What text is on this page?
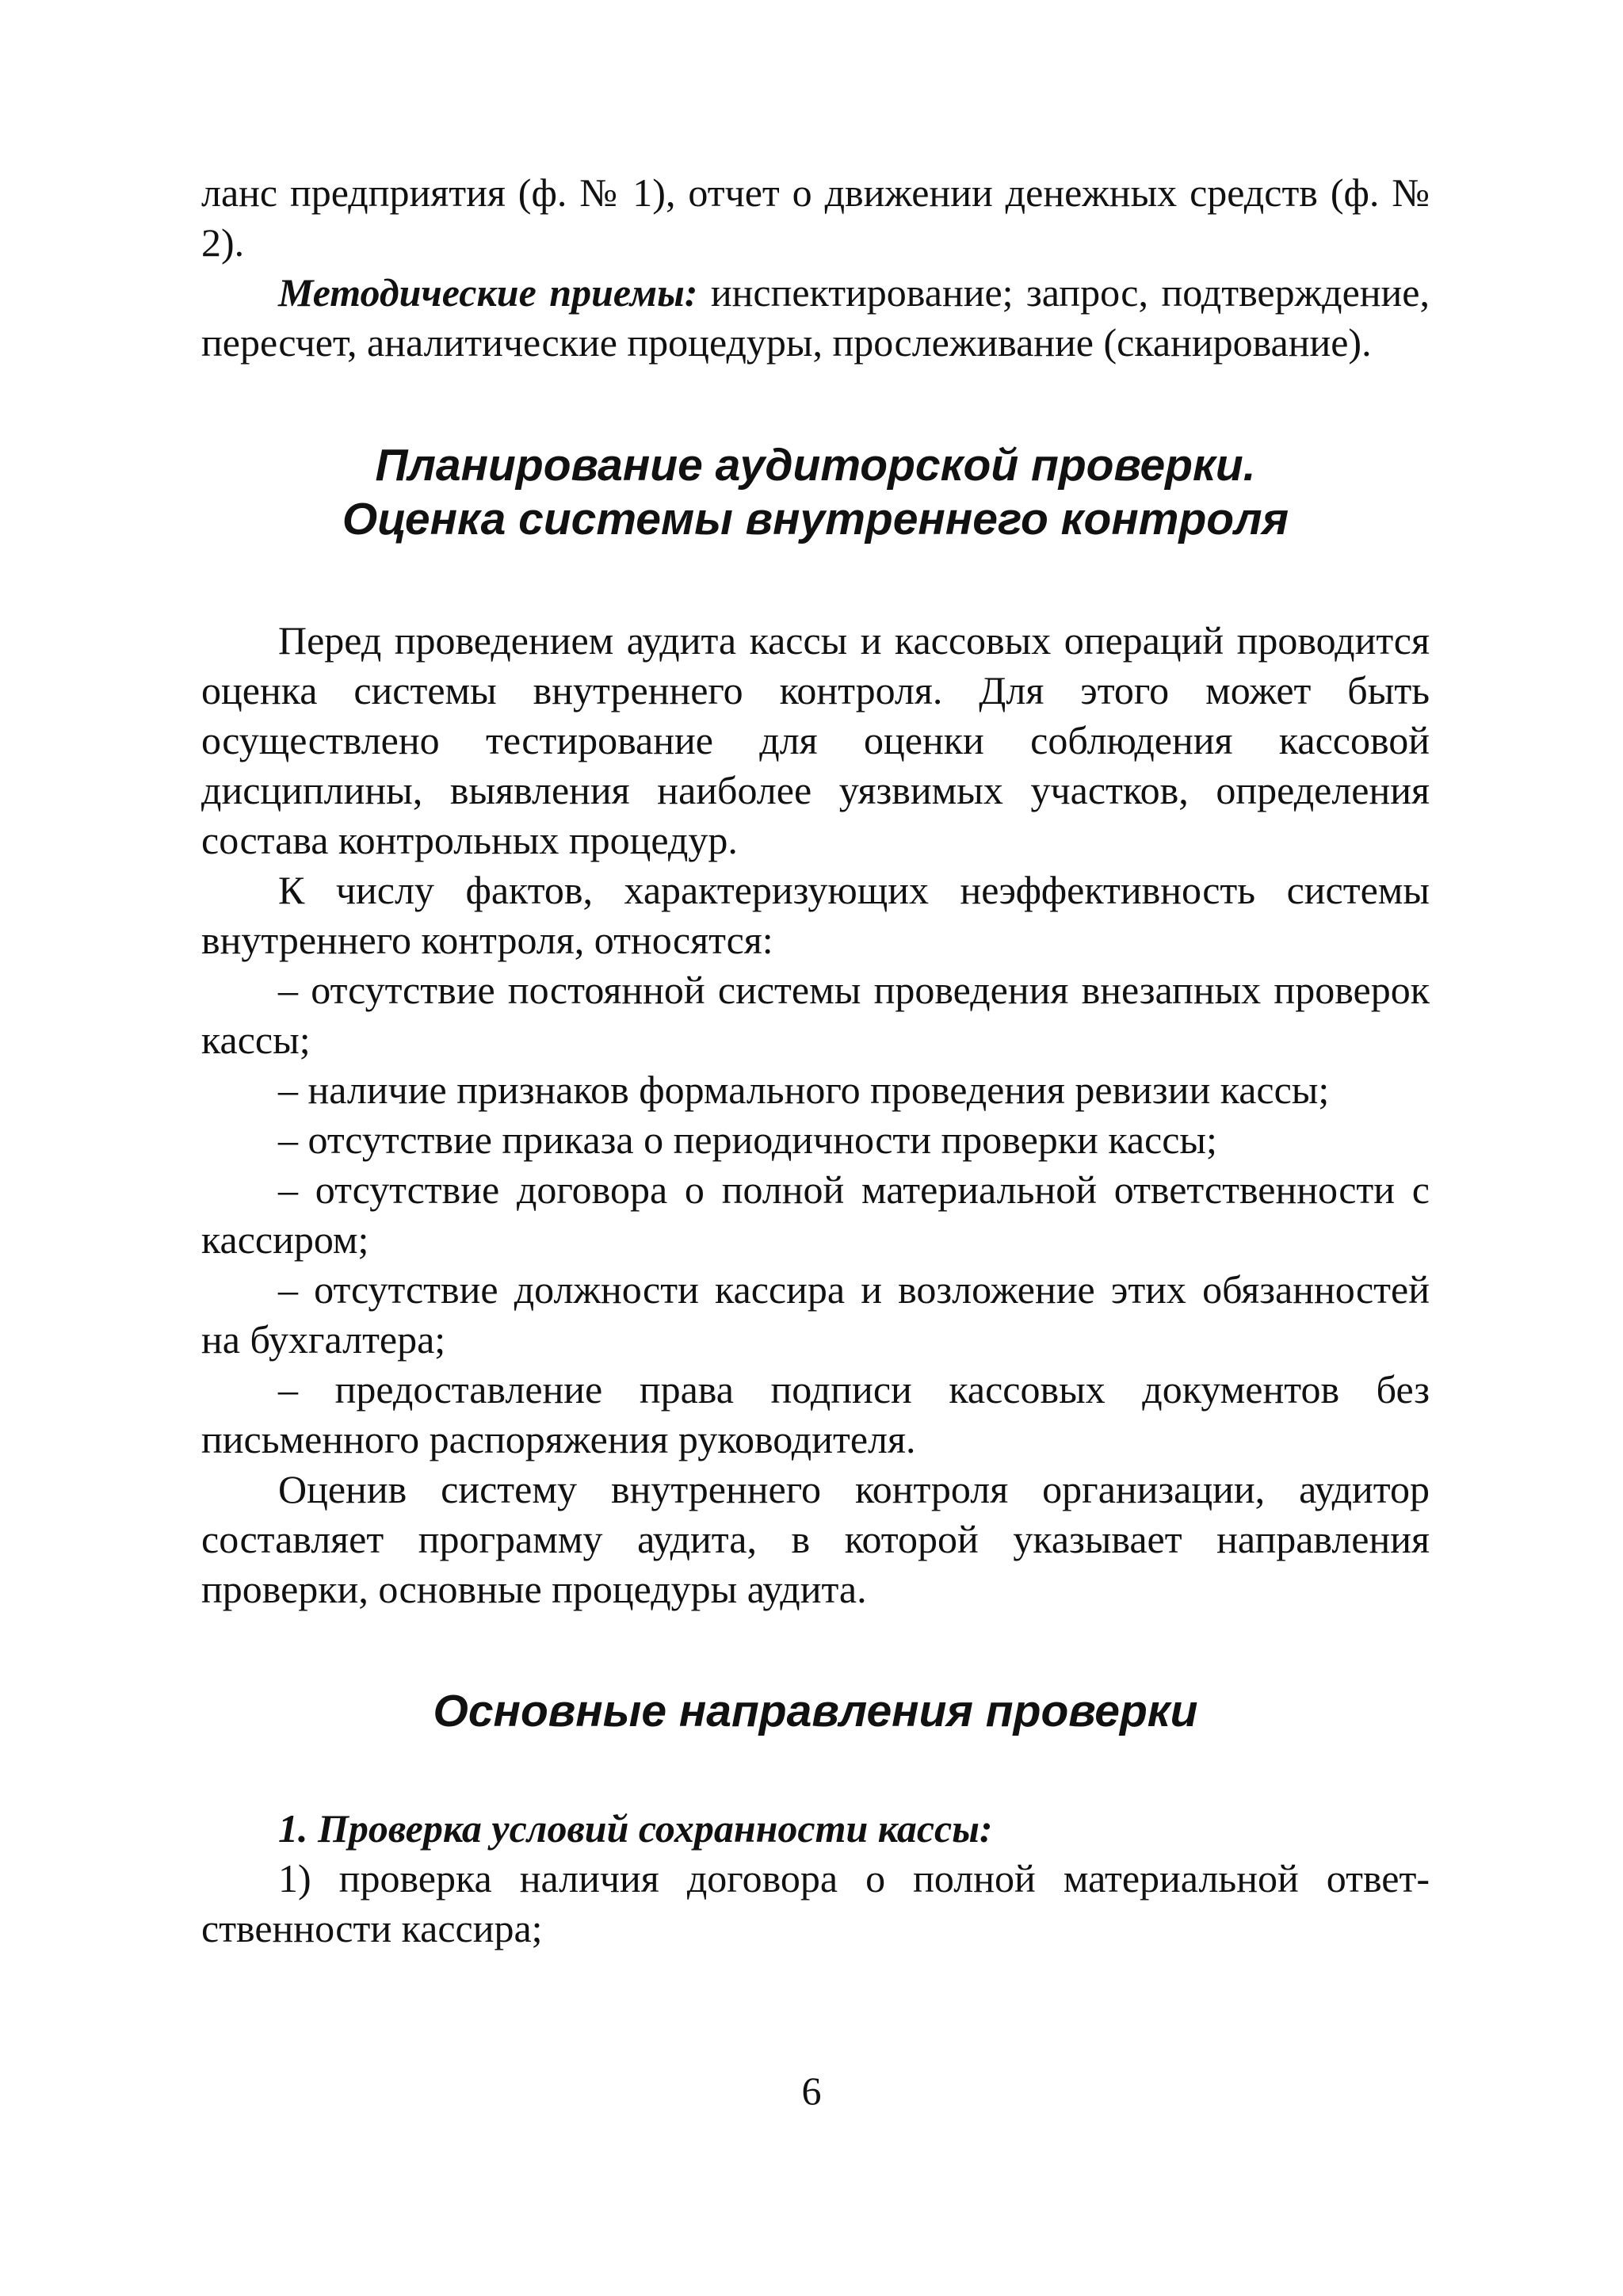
ланс предприятия (ф. № 1), отчет о движении денежных средств (ф. № 2).

Методические приемы: инспектирование; запрос, подтверждение, пересчет, аналитические процедуры, прослеживание (сканирование).

Планирование аудиторской проверки.
Оценка системы внутреннего контроля

Перед проведением аудита кассы и кассовых операций проводится оценка системы внутреннего контроля. Для этого может быть осуществлено тестирование для оценки соблюдения кассовой дисциплины, выявления наиболее уязвимых участков, определения состава контрольных процедур.

К числу фактов, характеризующих неэффективность системы внутреннего контроля, относятся:

– отсутствие постоянной системы проведения внезапных проверок кассы;

– наличие признаков формального проведения ревизии кассы;

– отсутствие приказа о периодичности проверки кассы;

– отсутствие договора о полной материальной ответственности с кассиром;

– отсутствие должности кассира и возложение этих обязанностей на бухгалтера;

– предоставление права подписи кассовых документов без письменного распоряжения руководителя.

Оценив систему внутреннего контроля организации, аудитор составляет программу аудита, в которой указывает направления проверки, основные процедуры аудита.

Основные направления проверки

1. Проверка условий сохранности кассы:

1) проверка наличия договора о полной материальной ответственности кассира;

6
